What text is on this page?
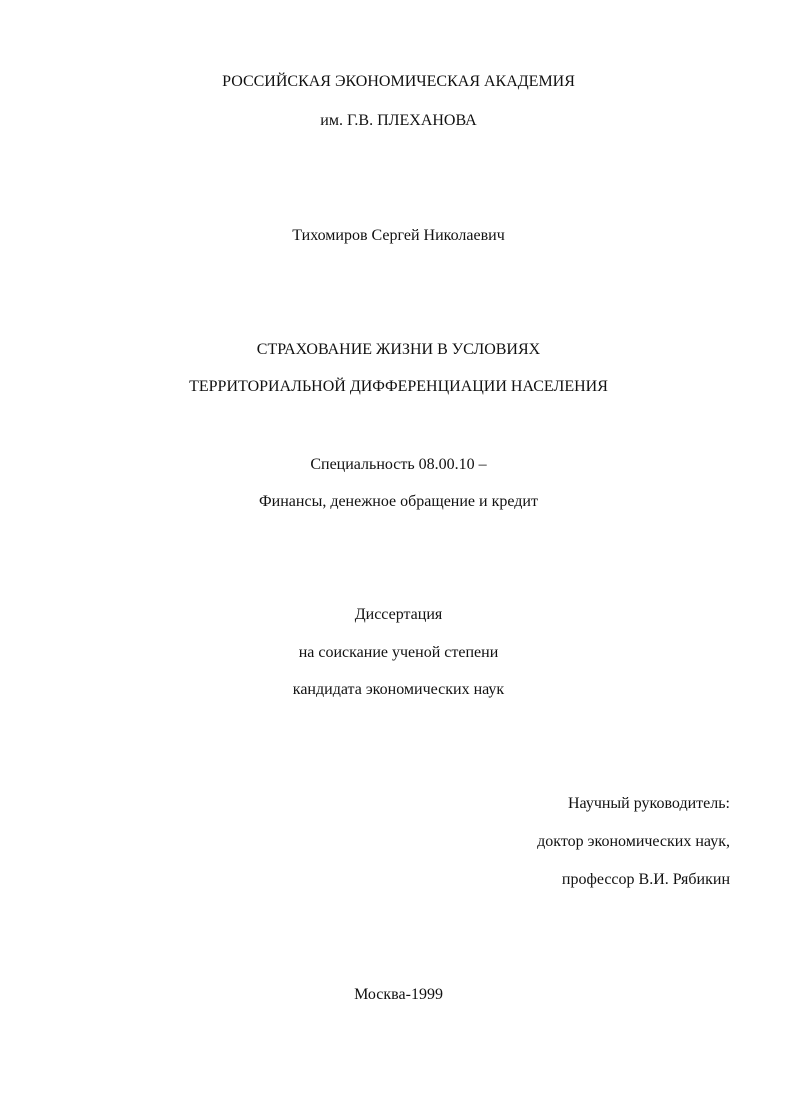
РОССИЙСКАЯ ЭКОНОМИЧЕСКАЯ АКАДЕМИЯ
им. Г.В. ПЛЕХАНОВА
Тихомиров Сергей Николаевич
СТРАХОВАНИЕ ЖИЗНИ В УСЛОВИЯХ
ТЕРРИТОРИАЛЬНОЙ ДИФФЕРЕНЦИАЦИИ НАСЕЛЕНИЯ
Специальность 08.00.10 –
Финансы, денежное обращение и кредит
Диссертация
на соискание ученой степени
кандидата экономических наук
Научный руководитель:
доктор экономических наук,
профессор В.И. Рябикин
Москва-1999
